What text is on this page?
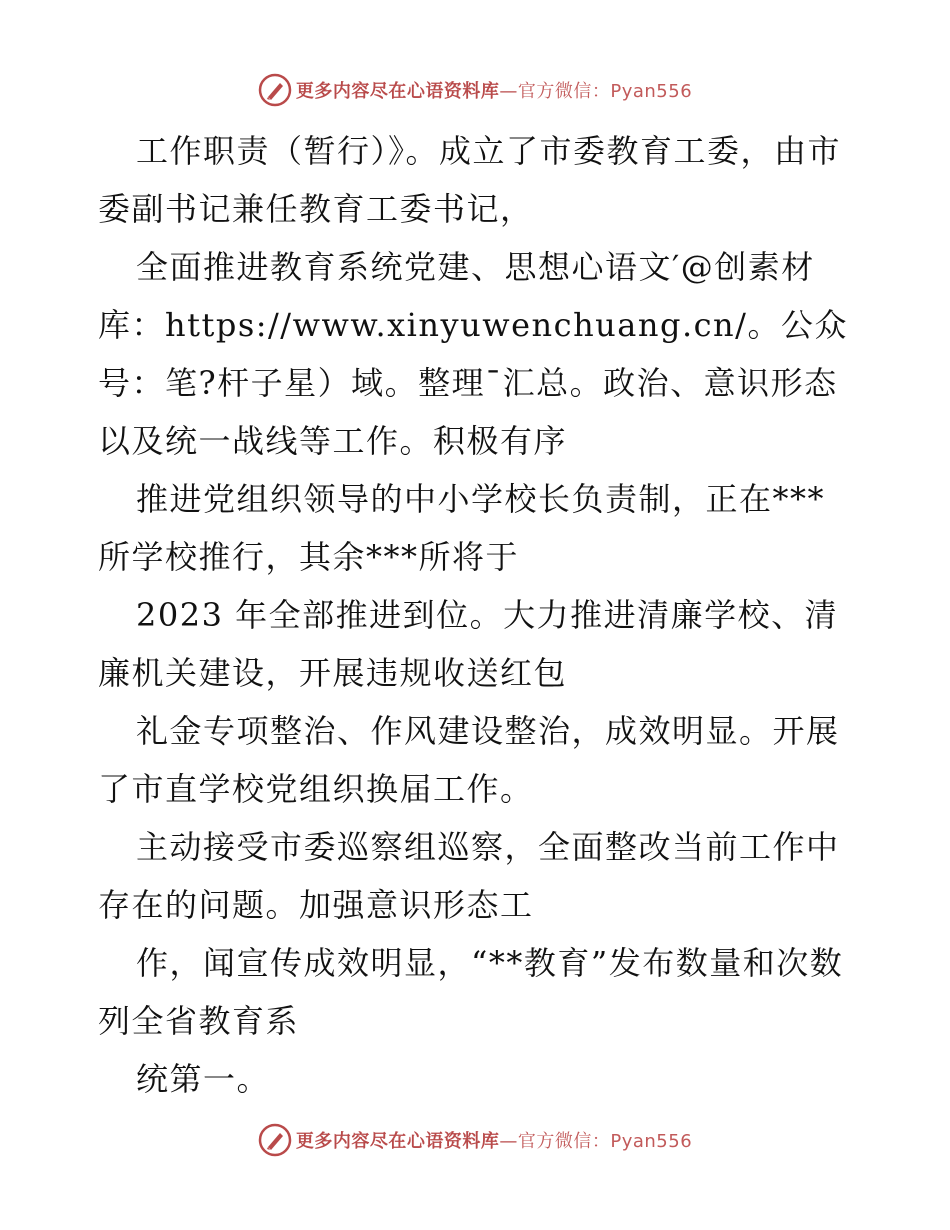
更多内容尽在心语资料库—官方微信：Pyan556

工作职责（暂行）》。成立了市委教育工委，由市委副书记兼任教育工委书记，

全面推进教育系统党建、思想心语文′@创素材库：https://www.xinyuwenchuang.cn/。公众号：笔?杆子星）域。整理¯汇总。政治、意识形态以及统一战线等工作。积极有序

推进党组织领导的中小学校长负责制，正在***所学校推行，其余***所将于

2023 年全部推进到位。大力推进清廉学校、清廉机关建设，开展违规收送红包

礼金专项整治、作风建设整治，成效明显。开展了市直学校党组织换届工作。

主动接受市委巡察组巡察，全面整改当前工作中存在的问题。加强意识形态工

作，闻宣传成效明显，“**教育”发布数量和次数列全省教育系

统第一。

更多内容尽在心语资料库—官方微信：Pyan556
